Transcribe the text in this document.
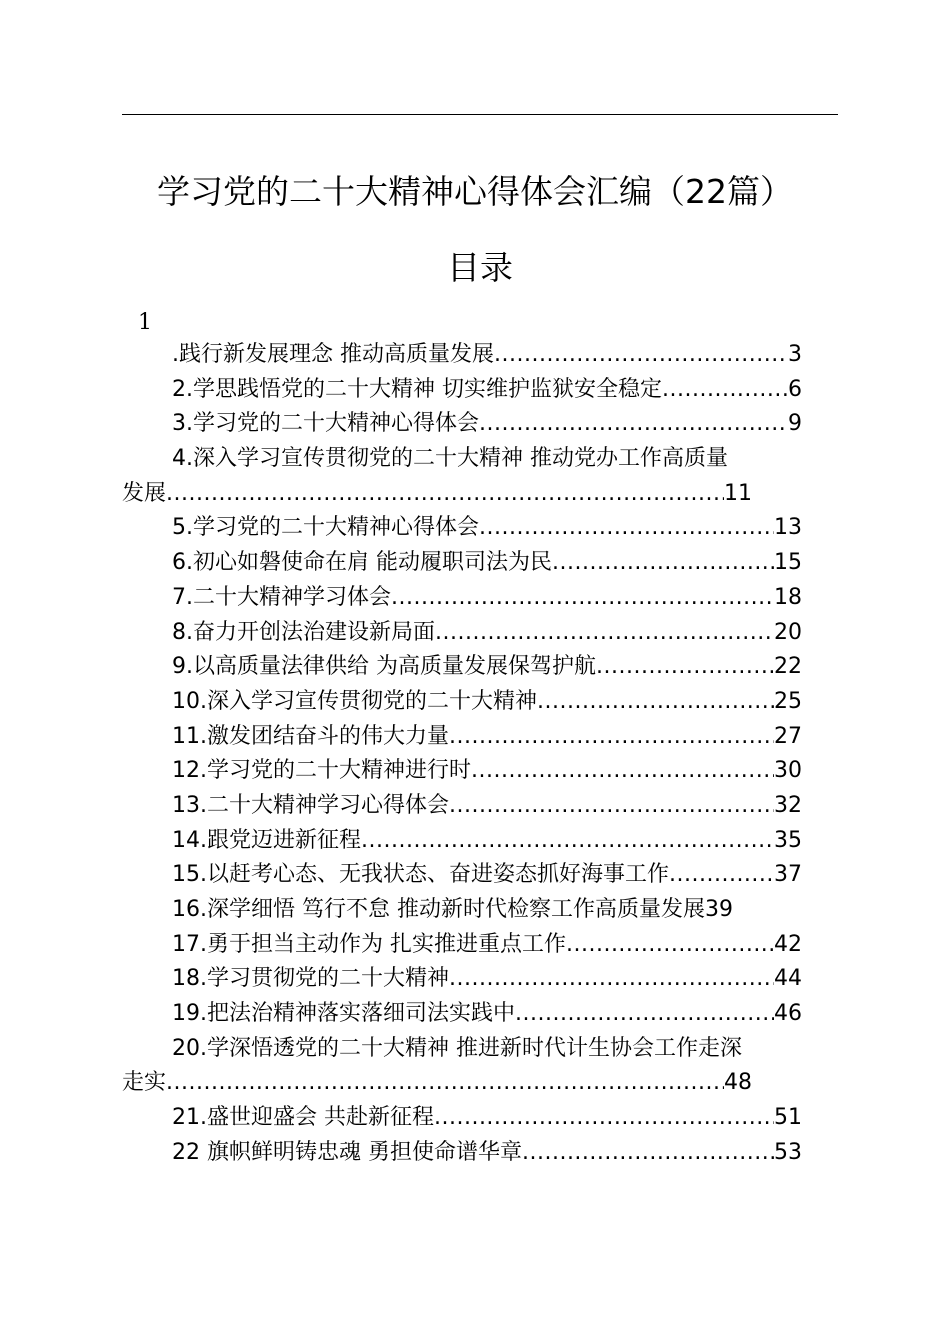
学习党的二十大精神心得体会汇编（22篇）
目录
1
.践行新发展理念 推动高质量发展 .....	3
2.学思践悟党的二十大精神 切实维护监狱安全稳定 .....	6
3.学习党的二十大精神心得体会 .....	9
4.深入学习宣传贯彻党的二十大精神 推动党办工作高质量
发展 .....	11
5.学习党的二十大精神心得体会 .....	13
6.初心如磐使命在肩 能动履职司法为民 .....	15
7.二十大精神学习体会 .....	18
8.奋力开创法治建设新局面 .....	20
9.以高质量法律供给 为高质量发展保驾护航 .....	22
10.深入学习宣传贯彻党的二十大精神 .....	25
11.激发团结奋斗的伟大力量 .....	27
12.学习党的二十大精神进行时 .....	30
13.二十大精神学习心得体会 .....	32
14.跟党迈进新征程 .....	35
15.以赶考心态、无我状态、奋进姿态抓好海事工作 .....	37
16.深学细悟 笃行不怠 推动新时代检察工作高质量发展 39
17.勇于担当主动作为 扎实推进重点工作 .....	42
18.学习贯彻党的二十大精神 .....	44
19.把法治精神落实落细司法实践中 .....	46
20.学深悟透党的二十大精神 推进新时代计生协会工作走深
走实 .....	48
21.盛世迎盛会 共赴新征程 .....	51
22 旗帜鲜明铸忠魂 勇担使命谱华章 .....	53
